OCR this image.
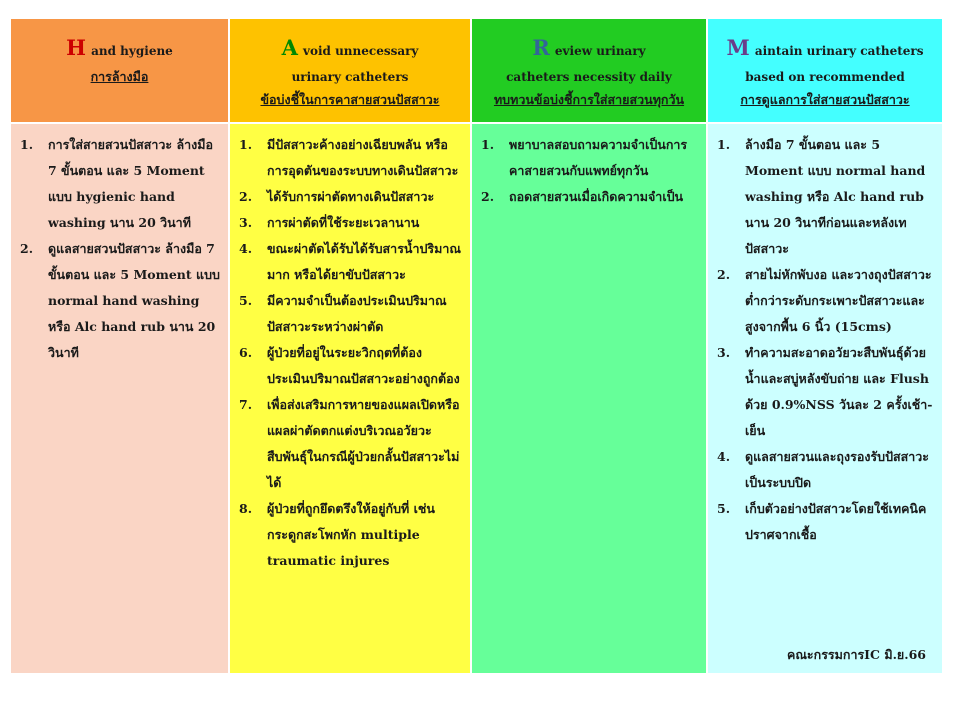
H and hygiene

การล้างมือ

1.	การใส่สายสวนปัสสาวะ ล้างมือ 7 ขั้นตอน และ 5 Moment แบบ hygienic hand washing นาน 20 วินาที
2.	ดูแลสายสวนปัสสาวะ ล้างมือ 7 ขั้นตอน และ 5 Moment แบบ normal hand washing หรือ Alc hand rub นาน 20 วินาที

A void unnecessary

urinary catheters

ข้อบ่งชี้ในการคาสายสวนปัสสาวะ

1.	มีปัสสาวะค้างอย่างเฉียบพลัน หรือการอุดตันของระบบทางเดินปัสสาวะ
2.	ได้รับการผ่าตัดทางเดินปัสสาวะ
3.	การผ่าตัดที่ใช้ระยะเวลานาน
4.	ขณะผ่าตัดได้รับได้รับสารน้ำปริมาณมาก หรือได้ยาขับปัสสาวะ
5.	มีความจำเป็นต้องประเมินปริมาณปัสสาวะระหว่างผ่าตัด
6.	ผู้ป่วยที่อยู่ในระยะวิกฤตที่ต้องประเมินปริมาณปัสสาวะอย่างถูกต้อง
7.	เพื่อส่งเสริมการหายของแผลเปิดหรือแผลผ่าตัดตกแต่งบริเวณอวัยวะสืบพันธุ์ในกรณีผู้ป่วยกลั้นปัสสาวะไม่ได้
8.	ผู้ป่วยที่ถูกยึดตรึงให้อยู่กับที่ เช่น กระดูกสะโพกหัก multiple traumatic injures

R eview urinary

catheters necessity daily

ทบทวนข้อบ่งชี้การใส่สายสวนทุกวัน

1.	พยาบาลสอบถามความจำเป็นการคาสายสวนกับแพทย์ทุกวัน
2.	ถอดสายสวนเมื่อเกิดความจำเป็น

M aintain urinary catheters

based on recommended

การดูแลการใส่สายสวนปัสสาวะ

1.	ล้างมือ 7 ขั้นตอน และ 5 Moment แบบ normal hand washing หรือ Alc hand rub นาน 20 วินาทีก่อนและหลังเทปัสสาวะ
2.	สายไม่หักพับงอ และวางถุงปัสสาวะต่ำกว่าระดับกระเพาะปัสสาวะและสูงจากพื้น 6 นิ้ว (15cms)
3.	ทำความสะอาดอวัยวะสืบพันธุ์ด้วยน้ำและสบู่หลังขับถ่าย และ Flush ด้วย 0.9%NSS วันละ 2 ครั้งเช้า-เย็น
4.	ดูแลสายสวนและถุงรองรับปัสสาวะเป็นระบบปิด
5.	เก็บตัวอย่างปัสสาวะโดยใช้เทคนิคปราศจากเชื้อ
คณะกรรมการIC มิ.ย.66
